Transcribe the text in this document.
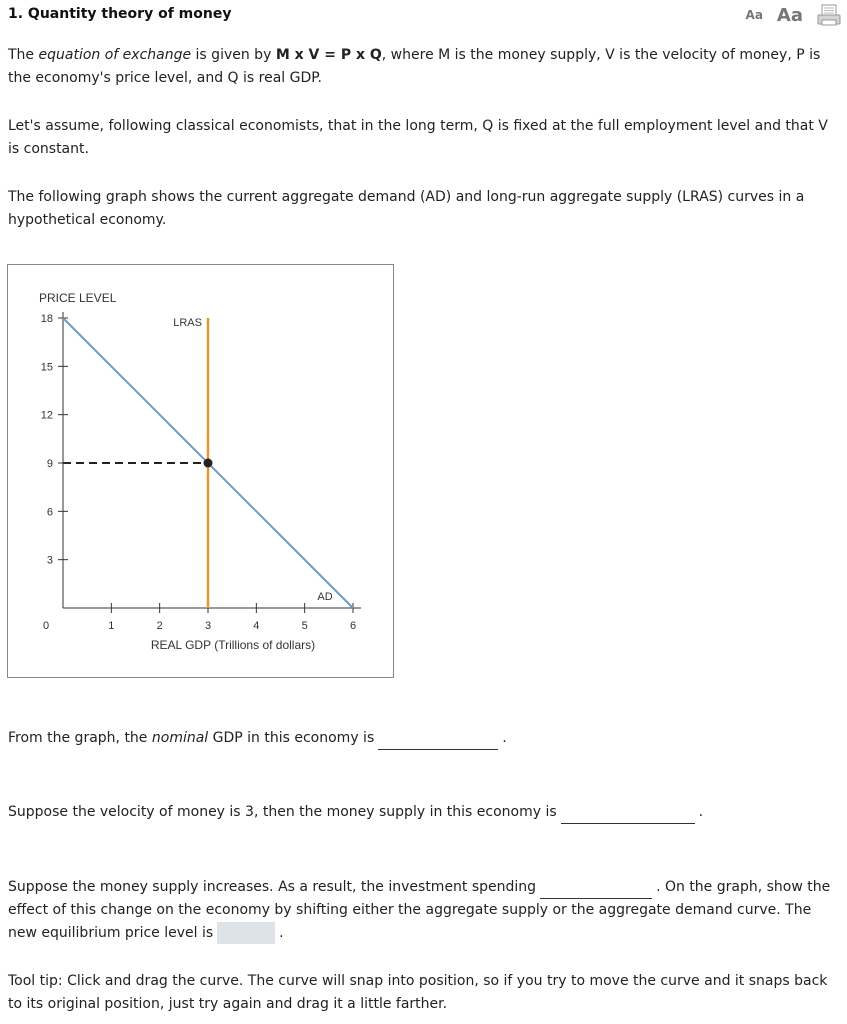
1. Quantity theory of money	Aa Aa

The equation of exchange is given by M x V = P x Q, where M is the money supply, V is the velocity of money, P is the economy's price level, and Q is real GDP.

Let's assume, following classical economists, that in the long term, Q is fixed at the full employment level and that V is constant.

The following graph shows the current aggregate demand (AD) and long-run aggregate supply (LRAS) curves in a hypothetical economy.

PRICE LEVEL
REAL GDP (Trillions of dollars)
0
3
6
9
12
15
18
1	2	3	4	5	6
LRAS
AD

From the graph, the nominal GDP in this economy is	.

Suppose the velocity of money is 3, then the money supply in this economy is	.

Suppose the money supply increases. As a result, the investment spending	. On the graph, show the effect of this change on the economy by shifting either the aggregate supply or the aggregate demand curve. The new equilibrium price level is	.

Tool tip: Click and drag the curve. The curve will snap into position, so if you try to move the curve and it snaps back to its original position, just try again and drag it a little farther.
